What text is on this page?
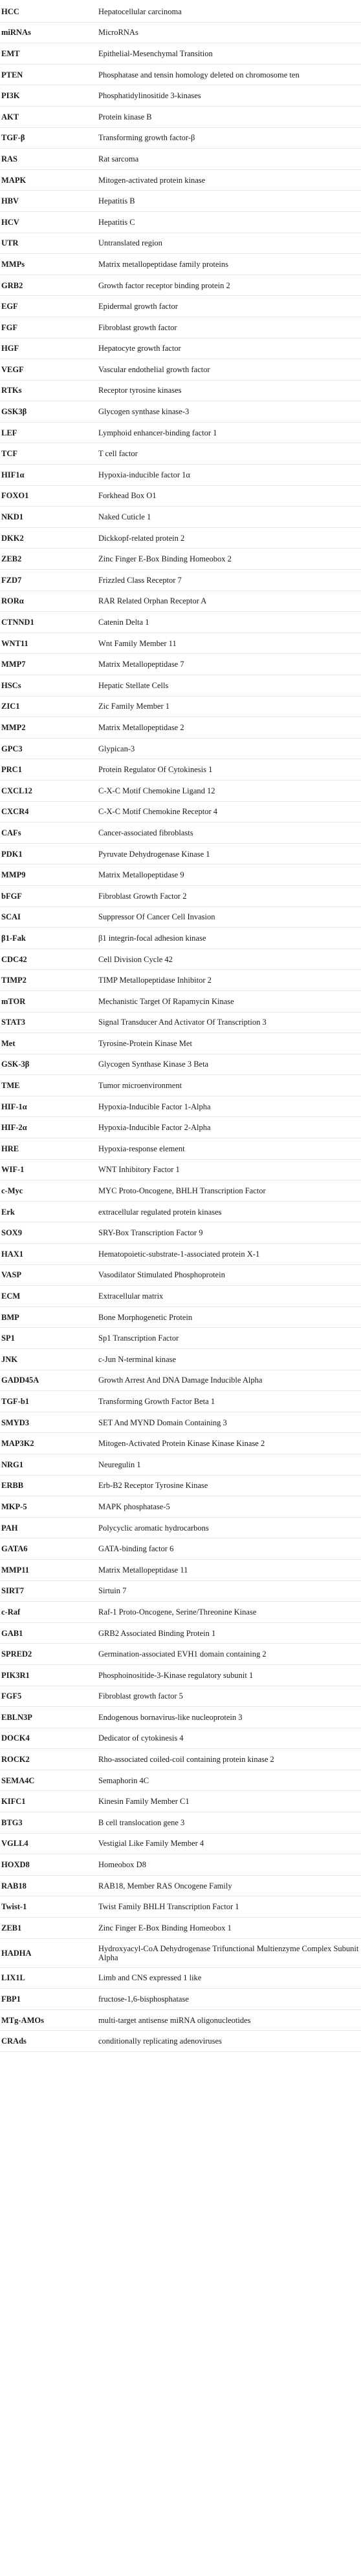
HCC	Hepatocellular carcinoma
miRNAs	MicroRNAs
EMT	Epithelial-Mesenchymal Transition
PTEN	Phosphatase and tensin homology deleted on chromosome ten
PI3K	Phosphatidylinositide 3-kinases
AKT	Protein kinase B
TGF-β	Transforming growth factor-β
RAS	Rat sarcoma
MAPK	Mitogen-activated protein kinase
HBV	Hepatitis B
HCV	Hepatitis C
UTR	Untranslated region
MMPs	Matrix metallopeptidase family proteins
GRB2	Growth factor receptor binding protein 2
EGF	Epidermal growth factor
FGF	Fibroblast growth factor
HGF	Hepatocyte growth factor
VEGF	Vascular endothelial growth factor
RTKs	Receptor tyrosine kinases
GSK3β	Glycogen synthase kinase-3
LEF	Lymphoid enhancer-binding factor 1
TCF	T cell factor
HIF1α	Hypoxia-inducible factor 1α
FOXO1	Forkhead Box O1
NKD1	Naked Cuticle 1
DKK2	Dickkopf-related protein 2
ZEB2	Zinc Finger E-Box Binding Homeobox 2
FZD7	Frizzled Class Receptor 7
RORα	RAR Related Orphan Receptor A
CTNND1	Catenin Delta 1
WNT11	Wnt Family Member 11
MMP7	Matrix Metallopeptidase 7
HSCs	Hepatic Stellate Cells
ZIC1	Zic Family Member 1
MMP2	Matrix Metallopeptidase 2
GPC3	Glypican-3
PRC1	Protein Regulator Of Cytokinesis 1
CXCL12	C-X-C Motif Chemokine Ligand 12
CXCR4	C-X-C Motif Chemokine Receptor 4
CAFs	Cancer-associated fibroblasts
PDK1	Pyruvate Dehydrogenase Kinase 1
MMP9	Matrix Metallopeptidase 9
bFGF	Fibroblast Growth Factor 2
SCAI	Suppressor Of Cancer Cell Invasion
β1-Fak	β1 integrin-focal adhesion kinase
CDC42	Cell Division Cycle 42
TIMP2	TIMP Metallopeptidase Inhibitor 2
mTOR	Mechanistic Target Of Rapamycin Kinase
STAT3	Signal Transducer And Activator Of Transcription 3
Met	Tyrosine-Protein Kinase Met
GSK-3β	Glycogen Synthase Kinase 3 Beta
TME	Tumor microenvironment
HIF-1α	Hypoxia-Inducible Factor 1-Alpha
HIF-2α	Hypoxia-Inducible Factor 2-Alpha
HRE	Hypoxia-response element
WIF-1	WNT Inhibitory Factor 1
c-Myc	MYC Proto-Oncogene, BHLH Transcription Factor
Erk	extracellular regulated protein kinases
SOX9	SRY-Box Transcription Factor 9
HAX1	Hematopoietic-substrate-1-associated protein X-1
VASP	Vasodilator Stimulated Phosphoprotein
ECM	Extracellular matrix
BMP	Bone Morphogenetic Protein
SP1	Sp1 Transcription Factor
JNK	c-Jun N-terminal kinase
GADD45A	Growth Arrest And DNA Damage Inducible Alpha
TGF-b1	Transforming Growth Factor Beta 1
SMYD3	SET And MYND Domain Containing 3
MAP3K2	Mitogen-Activated Protein Kinase Kinase Kinase 2
NRG1	Neuregulin 1
ERBB	Erb-B2 Receptor Tyrosine Kinase
MKP-5	MAPK phosphatase-5
PAH	Polycyclic aromatic hydrocarbons
GATA6	GATA-binding factor 6
MMP11	Matrix Metallopeptidase 11
SIRT7	Sirtuin 7
c-Raf	Raf-1 Proto-Oncogene, Serine/Threonine Kinase
GAB1	GRB2 Associated Binding Protein 1
SPRED2	Germination-associated EVH1 domain containing 2
PIK3R1	Phosphoinositide-3-Kinase regulatory subunit 1
FGF5	Fibroblast growth factor 5
EBLN3P	Endogenous bornavirus-like nucleoprotein 3
DOCK4	Dedicator of cytokinesis 4
ROCK2	Rho-associated coiled-coil containing protein kinase 2
SEMA4C	Semaphorin 4C
KIFC1	Kinesin Family Member C1
BTG3	B cell translocation gene 3
VGLL4	Vestigial Like Family Member 4
HOXD8	Homeobox D8
RAB18	RAB18, Member RAS Oncogene Family
Twist-1	Twist Family BHLH Transcription Factor 1
ZEB1	Zinc Finger E-Box Binding Homeobox 1
HADHA	Hydroxyacyl-CoA Dehydrogenase Trifunctional Multienzyme Complex Subunit Alpha
LIX1L	Limb and CNS expressed 1 like
FBP1	fructose-1,6-bisphosphatase
MTg-AMOs	multi-target antisense miRNA oligonucleotides
CRAds	conditionally replicating adenoviruses
